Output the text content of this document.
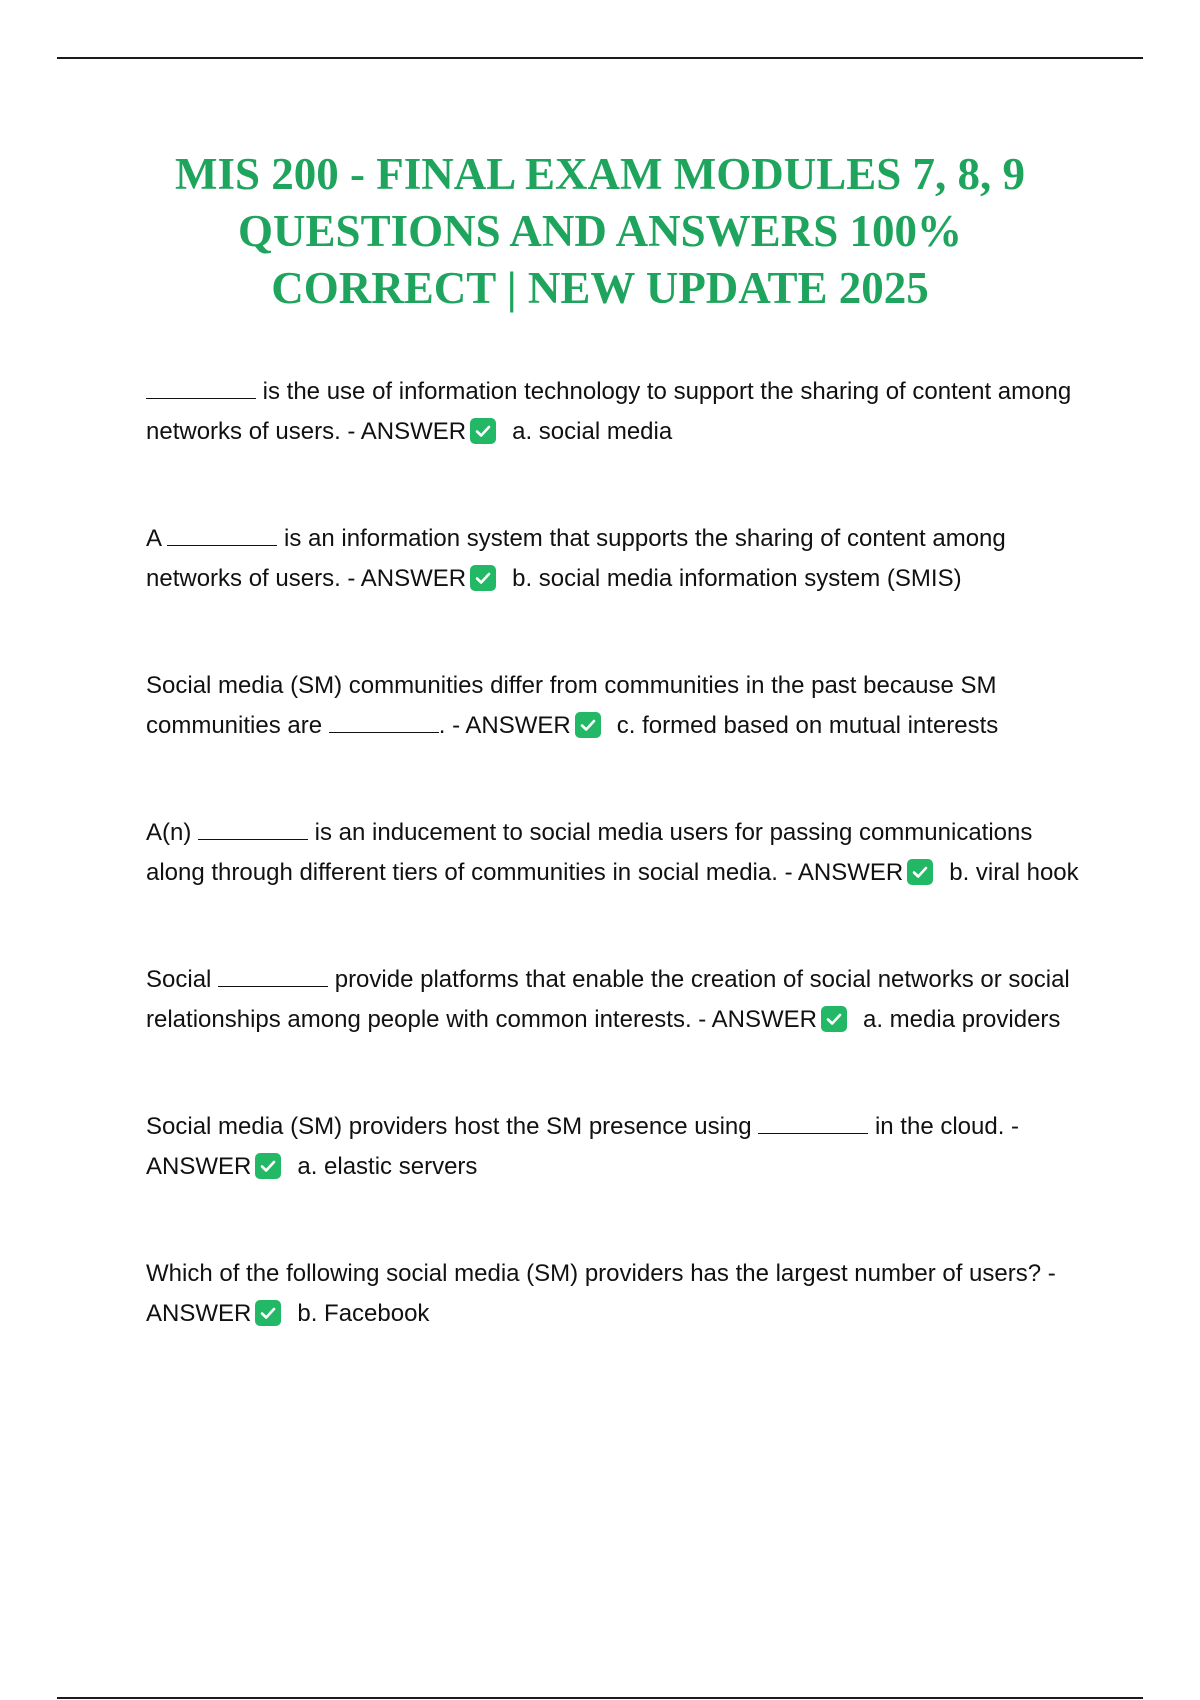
MIS 200 - FINAL EXAM MODULES 7, 8, 9
QUESTIONS AND ANSWERS 100%
CORRECT | NEW UPDATE 2025

is the use of information technology to support the sharing of content among networks of users. - ANSWER a. social media

A	is an information system that supports the sharing of content among networks of users. - ANSWER b. social media information system (SMIS)

Social media (SM) communities differ from communities in the past because SM communities are	. - ANSWER c. formed based on mutual interests

A(n)	is an inducement to social media users for passing communications along through different tiers of communities in social media. - ANSWER b. viral hook

Social	provide platforms that enable the creation of social networks or social relationships among people with common interests. - ANSWER a. media providers

Social media (SM) providers host the SM presence using	in the cloud. - ANSWER a. elastic servers

Which of the following social media (SM) providers has the largest number of users? - ANSWER b. Facebook
